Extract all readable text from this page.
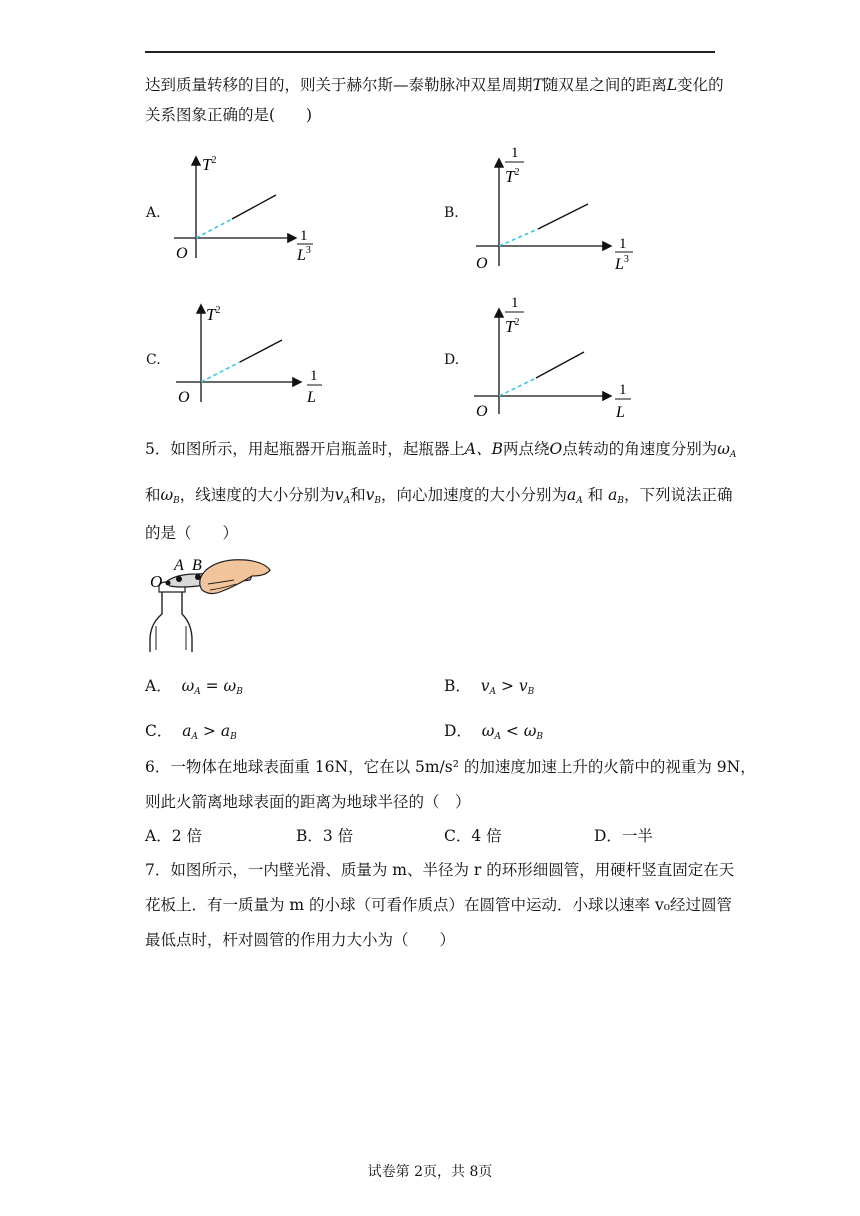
达到质量转移的目的，则关于赫尔斯—泰勒脉冲双星周期T随双星之间的距离L变化的
关系图象正确的是(　　)
A.	B.
C.	D.
$T^2$
O
1
$L^3$
1
$T^2$
O
1
$L^3$
$T^2$
O
1
L
1
$T^2$
O
1
L
5．如图所示，用起瓶器开启瓶盖时，起瓶器上A、B两点绕O点转动的角速度分别为$\omega_A$
和$\omega_B$，线速度的大小分别为$v_A$和$v_B$，向心加速度的大小分别为$a_A$ 和 $a_B$，下列说法正确
的是（　　）
O
A B
A． $\omega_A = \omega_B$	B． $v_A > v_B$
C． $a_A > a_B$	D． $\omega_A < \omega_B$
6．一物体在地球表面重 16N，它在以 5m/s² 的加速度加速上升的火箭中的视重为 9N，
则此火箭离地球表面的距离为地球半径的（　）
A．2 倍	B．3 倍	C．4 倍	D．一半
7．如图所示，一内壁光滑、质量为 m、半径为 r 的环形细圆管，用硬杆竖直固定在天
花板上．有一质量为 m 的小球（可看作质点）在圆管中运动．小球以速率 v₀经过圆管
最低点时，杆对圆管的作用力大小为（　　）
试卷第 2页，共 8页
